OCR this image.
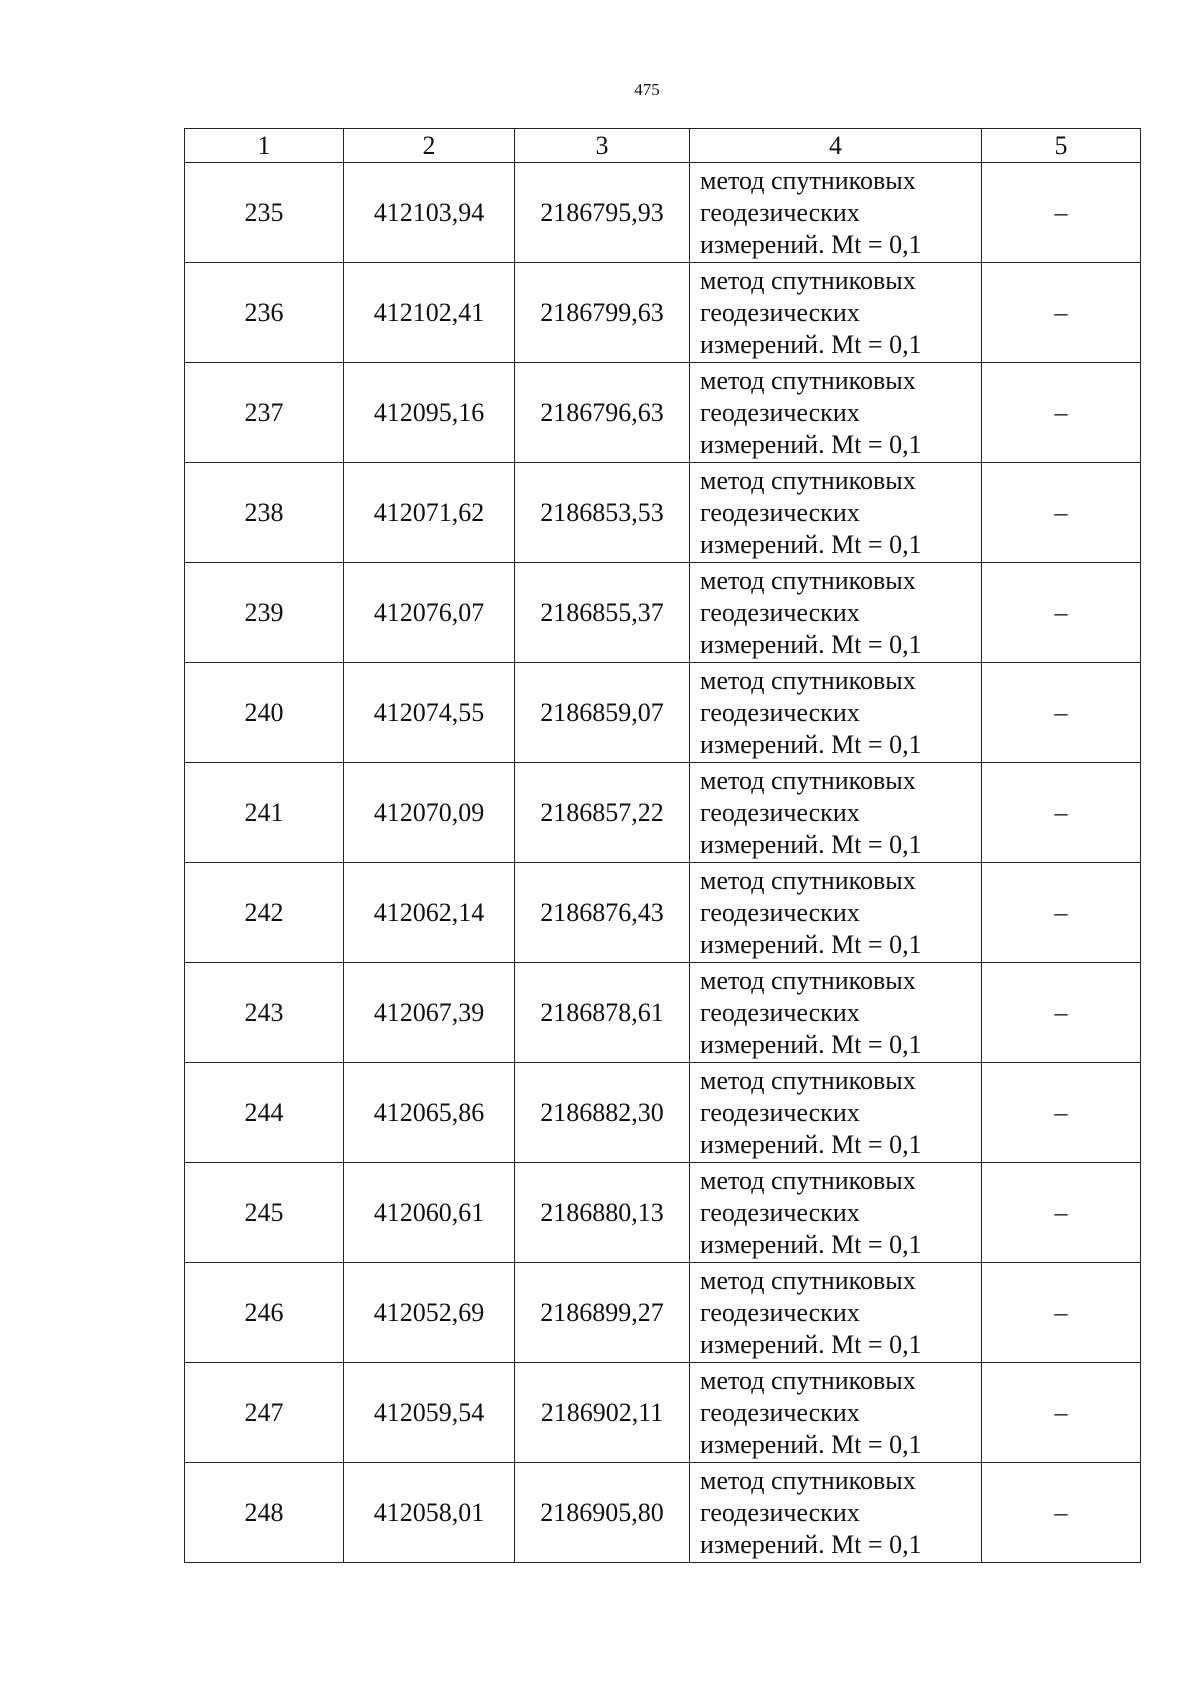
475
1	2	3	4	5
235	412103,94	2186795,93	метод спутниковых
геодезических
измерений. Mt = 0,1	–
236	412102,41	2186799,63	метод спутниковых
геодезических
измерений. Mt = 0,1	–
237	412095,16	2186796,63	метод спутниковых
геодезических
измерений. Mt = 0,1	–
238	412071,62	2186853,53	метод спутниковых
геодезических
измерений. Mt = 0,1	–
239	412076,07	2186855,37	метод спутниковых
геодезических
измерений. Mt = 0,1	–
240	412074,55	2186859,07	метод спутниковых
геодезических
измерений. Mt = 0,1	–
241	412070,09	2186857,22	метод спутниковых
геодезических
измерений. Mt = 0,1	–
242	412062,14	2186876,43	метод спутниковых
геодезических
измерений. Mt = 0,1	–
243	412067,39	2186878,61	метод спутниковых
геодезических
измерений. Mt = 0,1	–
244	412065,86	2186882,30	метод спутниковых
геодезических
измерений. Mt = 0,1	–
245	412060,61	2186880,13	метод спутниковых
геодезических
измерений. Mt = 0,1	–
246	412052,69	2186899,27	метод спутниковых
геодезических
измерений. Mt = 0,1	–
247	412059,54	2186902,11	метод спутниковых
геодезических
измерений. Mt = 0,1	–
248	412058,01	2186905,80	метод спутниковых
геодезических
измерений. Mt = 0,1	–
